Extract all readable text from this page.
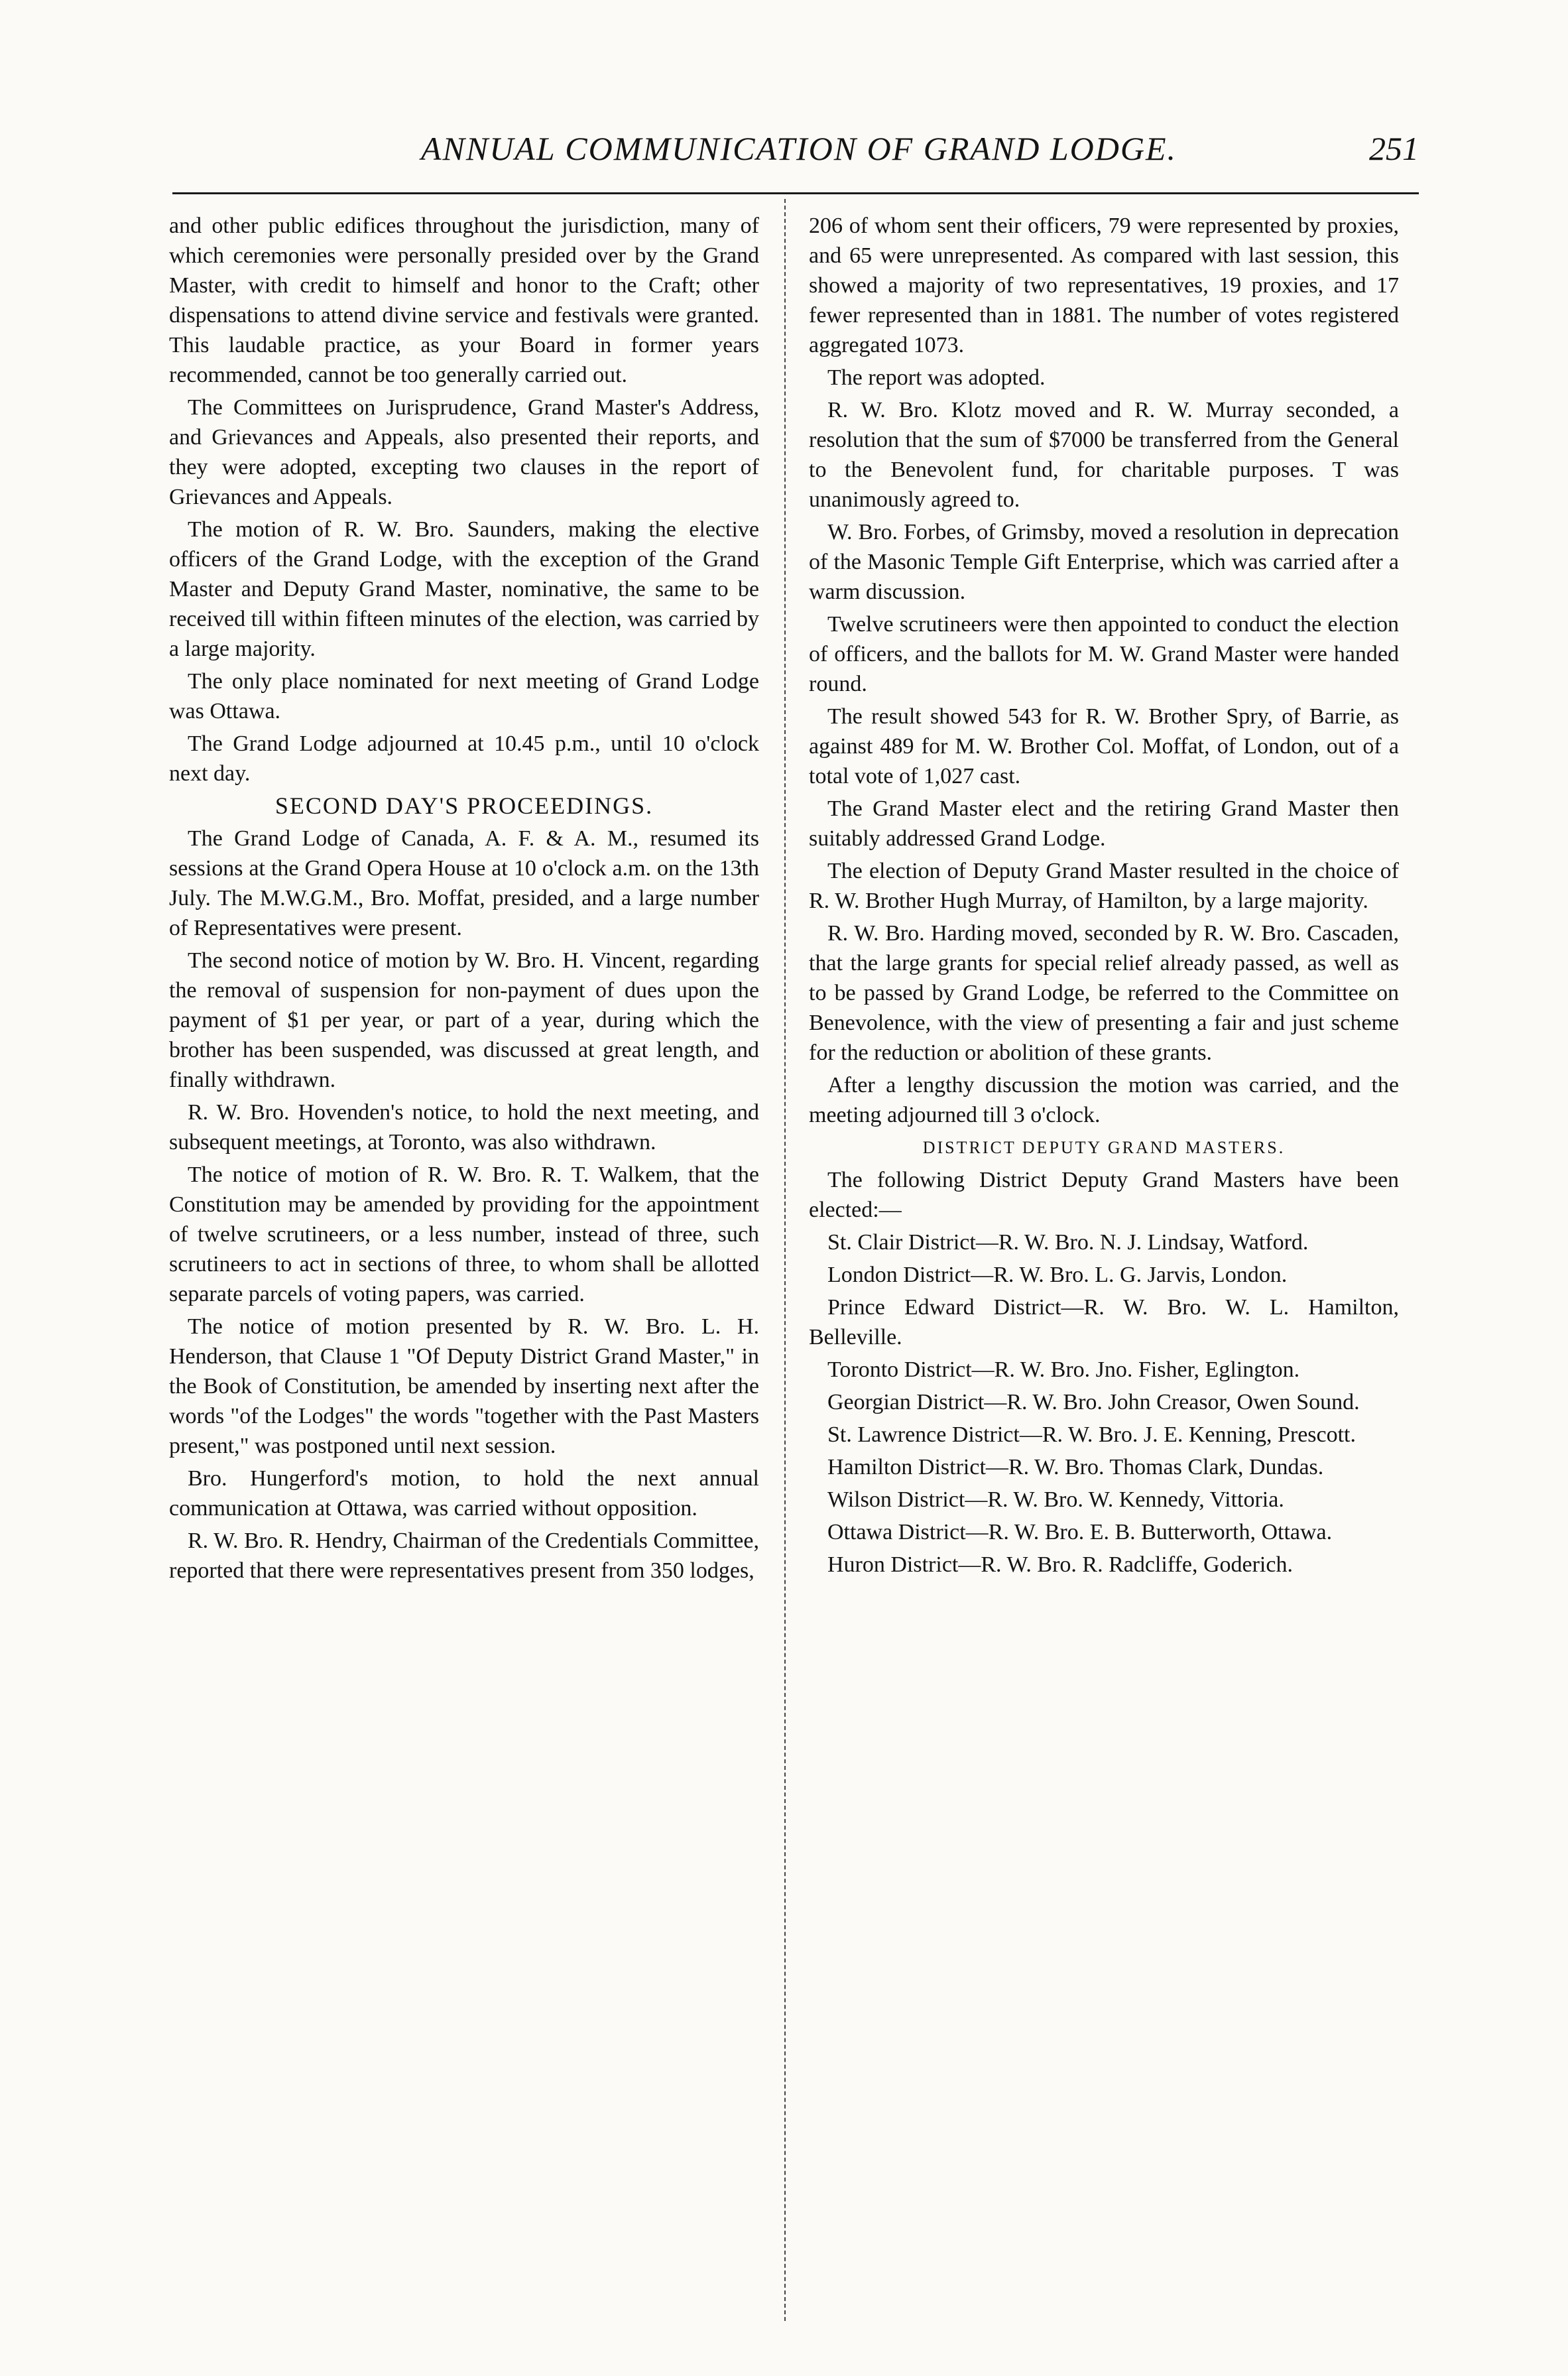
ANNUAL COMMUNICATION OF GRAND LODGE.	251

and other public edifices throughout the jurisdiction, many of which ceremonies were personally presided over by the Grand Master, with credit to himself and honor to the Craft; other dispensations to attend divine service and festivals were granted. This laudable practice, as your Board in former years recommended, cannot be too generally carried out.

The Committees on Jurisprudence, Grand Master's Address, and Grievances and Appeals, also presented their reports, and they were adopted, excepting two clauses in the report of Grievances and Appeals.

The motion of R. W. Bro. Saunders, making the elective officers of the Grand Lodge, with the exception of the Grand Master and Deputy Grand Master, nominative, the same to be received till within fifteen minutes of the election, was carried by a large majority.

The only place nominated for next meeting of Grand Lodge was Ottawa.

The Grand Lodge adjourned at 10.45 p.m., until 10 o'clock next day.

SECOND DAY'S PROCEEDINGS.

The Grand Lodge of Canada, A. F. & A. M., resumed its sessions at the Grand Opera House at 10 o'clock a.m. on the 13th July. The M.W.G.M., Bro. Moffat, presided, and a large number of Representatives were present.

The second notice of motion by W. Bro. H. Vincent, regarding the removal of suspension for non-payment of dues upon the payment of $1 per year, or part of a year, during which the brother has been suspended, was discussed at great length, and finally withdrawn.

R. W. Bro. Hovenden's notice, to hold the next meeting, and subsequent meetings, at Toronto, was also withdrawn.

The notice of motion of R. W. Bro. R. T. Walkem, that the Constitution may be amended by providing for the appointment of twelve scrutineers, or a less number, instead of three, such scrutineers to act in sections of three, to whom shall be allotted separate parcels of voting papers, was carried.

The notice of motion presented by R. W. Bro. L. H. Henderson, that Clause 1 "Of Deputy District Grand Master," in the Book of Constitution, be amended by inserting next after the words "of the Lodges" the words "together with the Past Masters present," was postponed until next session.

Bro. Hungerford's motion, to hold the next annual communication at Ottawa, was carried without opposition.

R. W. Bro. R. Hendry, Chairman of the Credentials Committee, reported that there were representatives present from 350 lodges,

206 of whom sent their officers, 79 were represented by proxies, and 65 were unrepresented. As compared with last session, this showed a majority of two representatives, 19 proxies, and 17 fewer represented than in 1881. The number of votes registered aggregated 1073.

The report was adopted.

R. W. Bro. Klotz moved and R. W. Murray seconded, a resolution that the sum of $7000 be transferred from the General to the Benevolent fund, for charitable purposes. T was unanimously agreed to.

W. Bro. Forbes, of Grimsby, moved a resolution in deprecation of the Masonic Temple Gift Enterprise, which was carried after a warm discussion.

Twelve scrutineers were then appointed to conduct the election of officers, and the ballots for M. W. Grand Master were handed round.

The result showed 543 for R. W. Brother Spry, of Barrie, as against 489 for M. W. Brother Col. Moffat, of London, out of a total vote of 1,027 cast.

The Grand Master elect and the retiring Grand Master then suitably addressed Grand Lodge.

The election of Deputy Grand Master resulted in the choice of R. W. Brother Hugh Murray, of Hamilton, by a large majority.

R. W. Bro. Harding moved, seconded by R. W. Bro. Cascaden, that the large grants for special relief already passed, as well as to be passed by Grand Lodge, be referred to the Committee on Benevolence, with the view of presenting a fair and just scheme for the reduction or abolition of these grants.

After a lengthy discussion the motion was carried, and the meeting adjourned till 3 o'clock.

DISTRICT DEPUTY GRAND MASTERS.

The following District Deputy Grand Masters have been elected:—

St. Clair District—R. W. Bro. N. J. Lindsay, Watford.

London District—R. W. Bro. L. G. Jarvis, London.

Prince Edward District—R. W. Bro. W. L. Hamilton, Belleville.

Toronto District—R. W. Bro. Jno. Fisher, Eglington.

Georgian District—R. W. Bro. John Creasor, Owen Sound.

St. Lawrence District—R. W. Bro. J. E. Kenning, Prescott.

Hamilton District—R. W. Bro. Thomas Clark, Dundas.

Wilson District—R. W. Bro. W. Kennedy, Vittoria.

Ottawa District—R. W. Bro. E. B. Butterworth, Ottawa.

Huron District—R. W. Bro. R. Radcliffe, Goderich.
